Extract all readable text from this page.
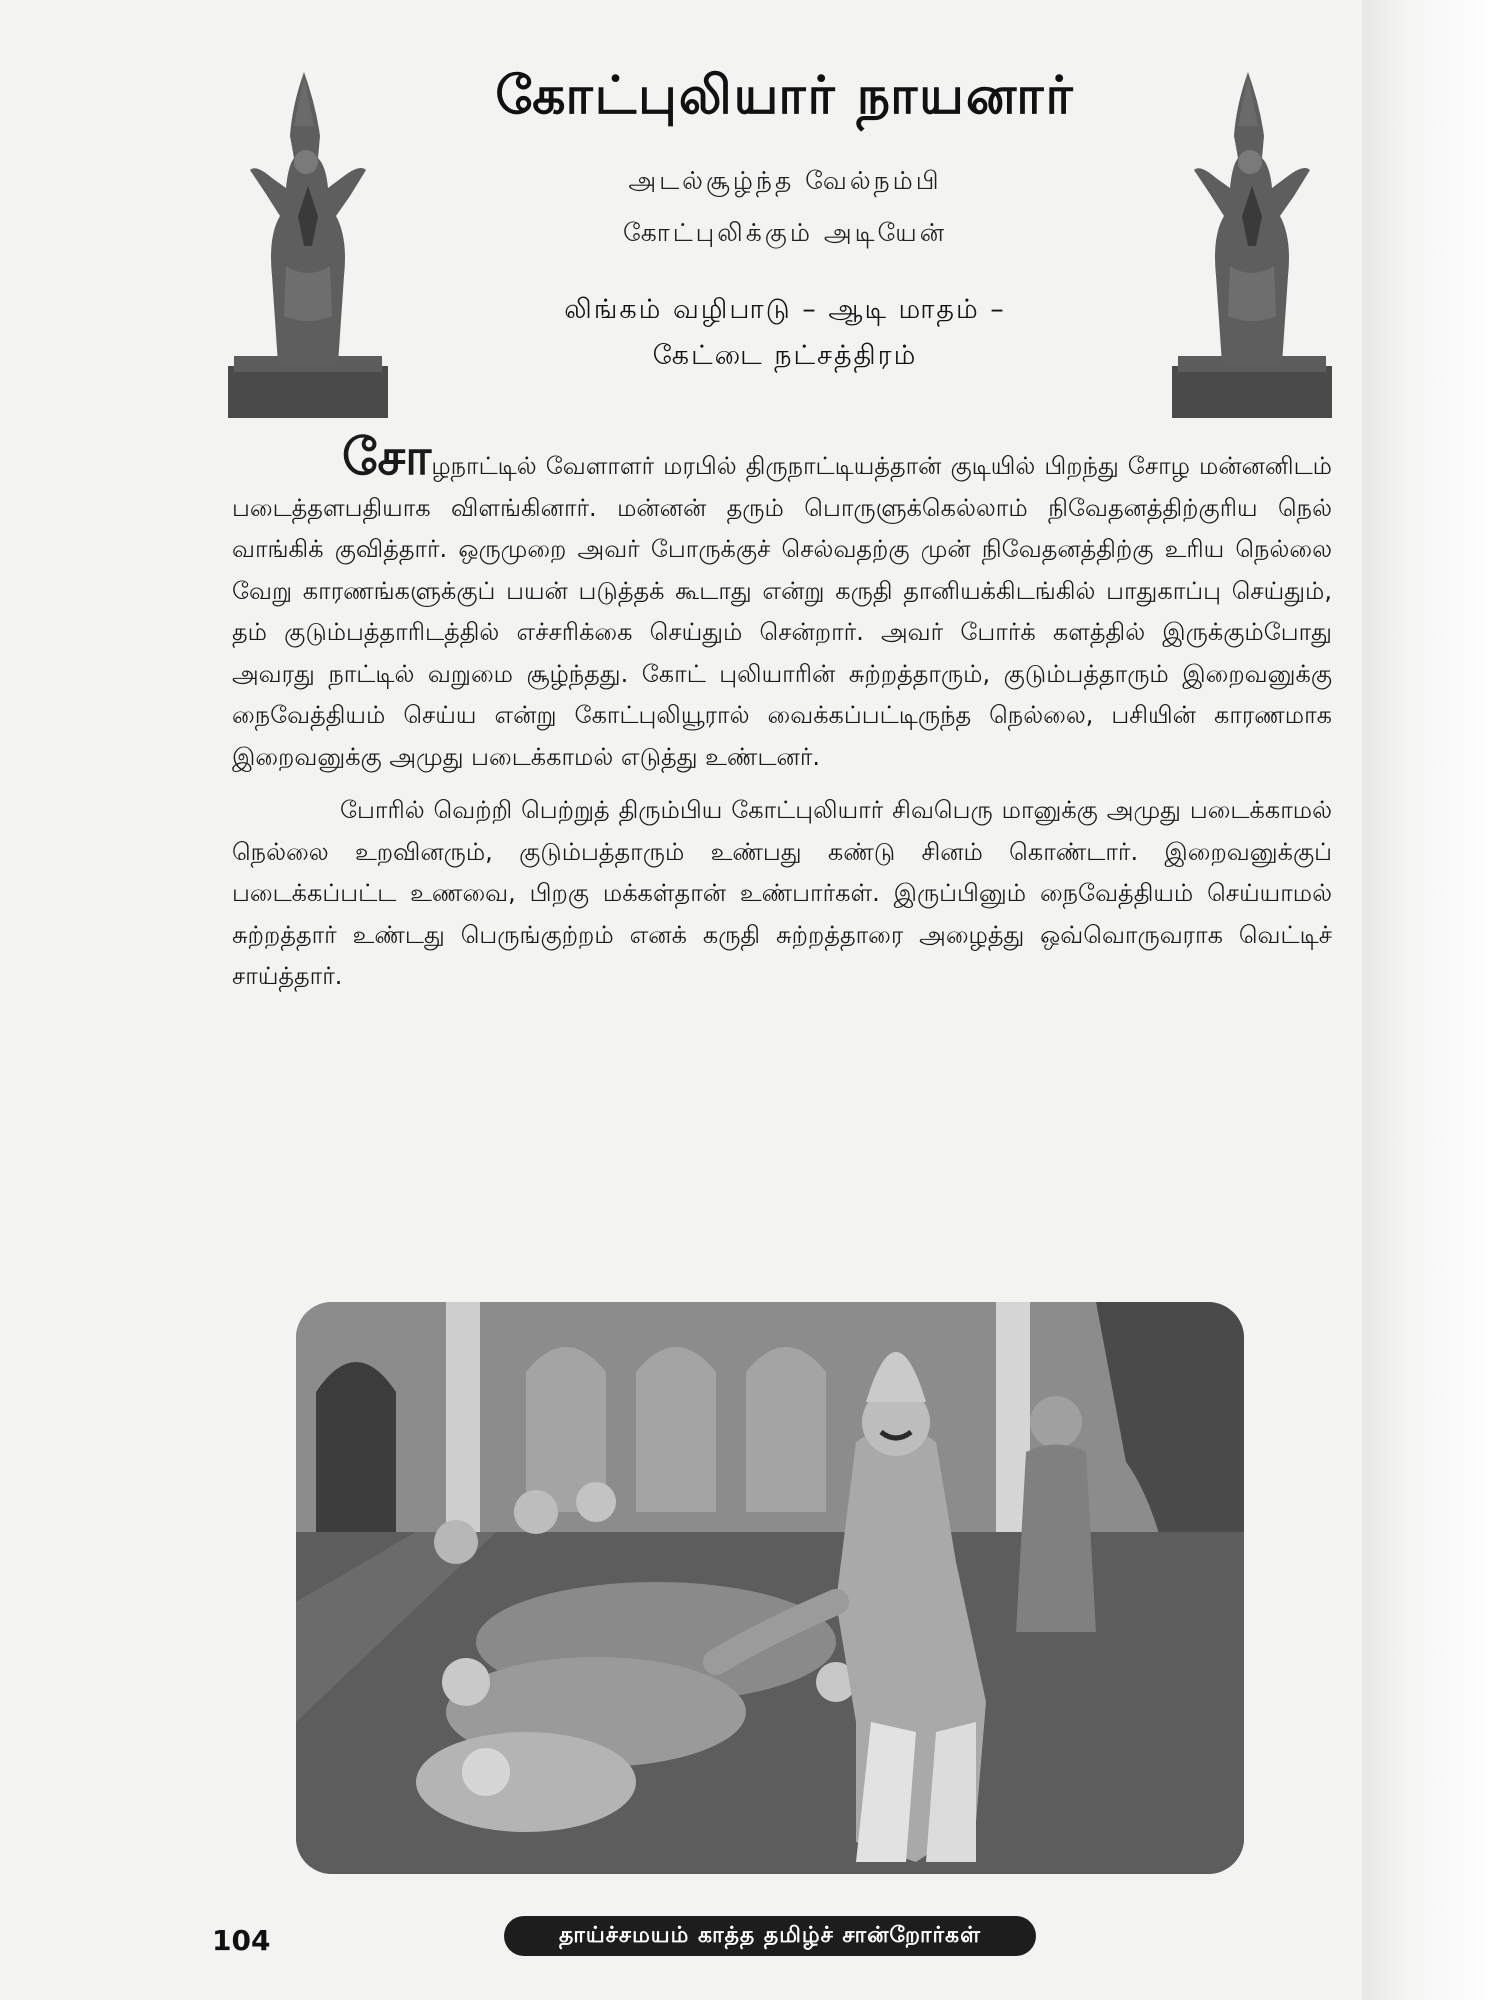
கோட்புலியார் நாயனார்
அடல்சூழ்ந்த வேல்நம்பி
கோட்புலிக்கும் அடியேன்
லிங்கம் வழிபாடு – ஆடி மாதம் –
கேட்டை நட்சத்திரம்

சோழநாட்டில் வேளாளர் மரபில் திருநாட்டியத்தான் குடியில் பிறந்து சோழ மன்னனிடம் படைத்தளபதியாக விளங்கினார். மன்னன் தரும் பொருளுக்கெல்லாம் நிவேதனத்திற்குரிய நெல் வாங்கிக் குவித்தார். ஒருமுறை அவர் போருக்குச் செல்வதற்கு முன் நிவேதனத்திற்கு உரிய நெல்லை வேறு காரணங்களுக்குப் பயன் படுத்தக் கூடாது என்று கருதி தானியக்கிடங்கில் பாதுகாப்பு செய்தும், தம் குடும்பத்தாரிடத்தில் எச்சரிக்கை செய்தும் சென்றார். அவர் போர்க் களத்தில் இருக்கும்போது அவரது நாட்டில் வறுமை சூழ்ந்தது. கோட் புலியாரின் சுற்றத்தாரும், குடும்பத்தாரும் இறைவனுக்கு நைவேத்தியம் செய்ய என்று கோட்புலியூரால் வைக்கப்பட்டிருந்த நெல்லை, பசியின் காரணமாக இறைவனுக்கு அமுது படைக்காமல் எடுத்து உண்டனர்.

போரில் வெற்றி பெற்றுத் திரும்பிய கோட்புலியார் சிவபெரு மானுக்கு அமுது படைக்காமல் நெல்லை உறவினரும், குடும்பத்தாரும் உண்பது கண்டு சினம் கொண்டார். இறைவனுக்குப் படைக்கப்பட்ட உணவை, பிறகு மக்கள்தான் உண்பார்கள். இருப்பினும் நைவேத்தியம் செய்யாமல் சுற்றத்தார் உண்டது பெருங்குற்றம் எனக் கருதி சுற்றத்தாரை அழைத்து ஒவ்வொருவராக வெட்டிச் சாய்த்தார்.

104	தாய்ச்சமயம் காத்த தமிழ்ச் சான்றோர்கள்
